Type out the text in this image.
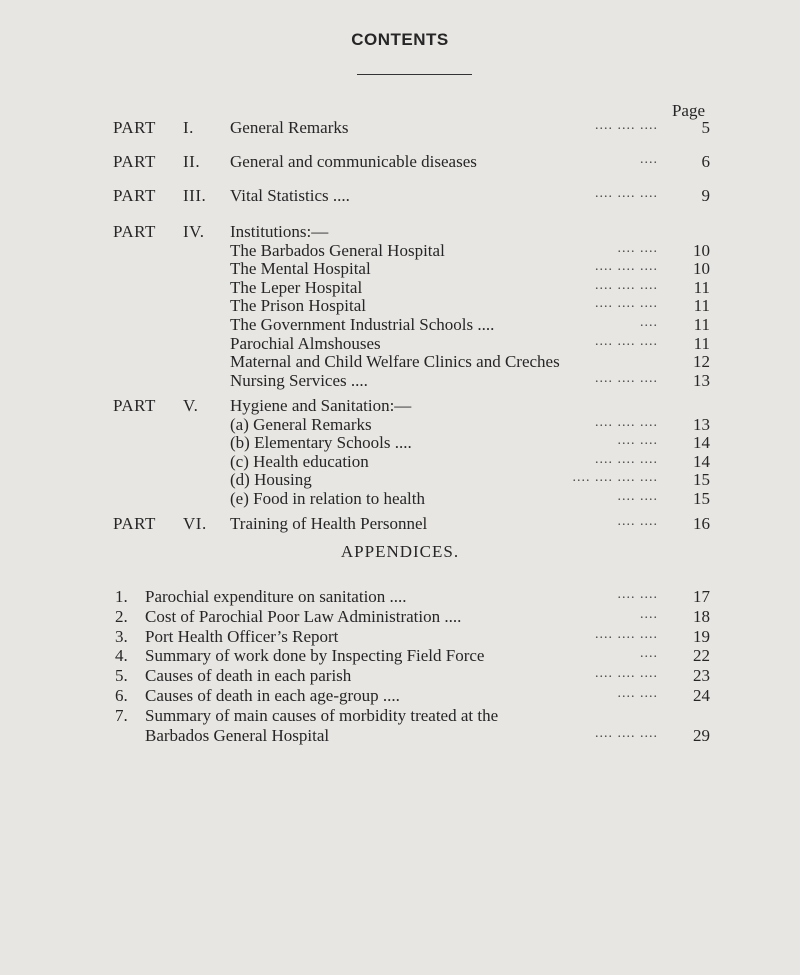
CONTENTS
Page
PART I. General Remarks	.... .... ....	5
PART II. General and communicable diseases	....	6
PART III. Vital Statistics ....	.... .... ....	9
PART IV. Institutions:—
The Barbados General Hospital	.... ....	10
The Mental Hospital	.... .... ....	10
The Leper Hospital	.... .... ....	11
The Prison Hospital	.... .... ....	11
The Government Industrial Schools ....	....	11
Parochial Almshouses	.... .... ....	11
Maternal and Child Welfare Clinics and Creches	12
Nursing Services ....	.... .... ....	13
PART V. Hygiene and Sanitation:—
(a) General Remarks	.... .... ....	13
(b) Elementary Schools ....	.... ....	14
(c) Health education	.... .... ....	14
(d) Housing	.... .... .... ....	15
(e) Food in relation to health	.... ....	15
PART VI. Training of Health Personnel	.... ....	16
APPENDICES.
1. Parochial expenditure on sanitation ....	.... ....	17
2. Cost of Parochial Poor Law Administration ....	....	18
3. Port Health Officer’s Report	.... .... ....	19
4. Summary of work done by Inspecting Field Force	....	22
5. Causes of death in each parish	.... .... ....	23
6. Causes of death in each age-group ....	.... ....	24
7. Summary of main causes of morbidity treated at the
Barbados General Hospital	.... .... ....	29
